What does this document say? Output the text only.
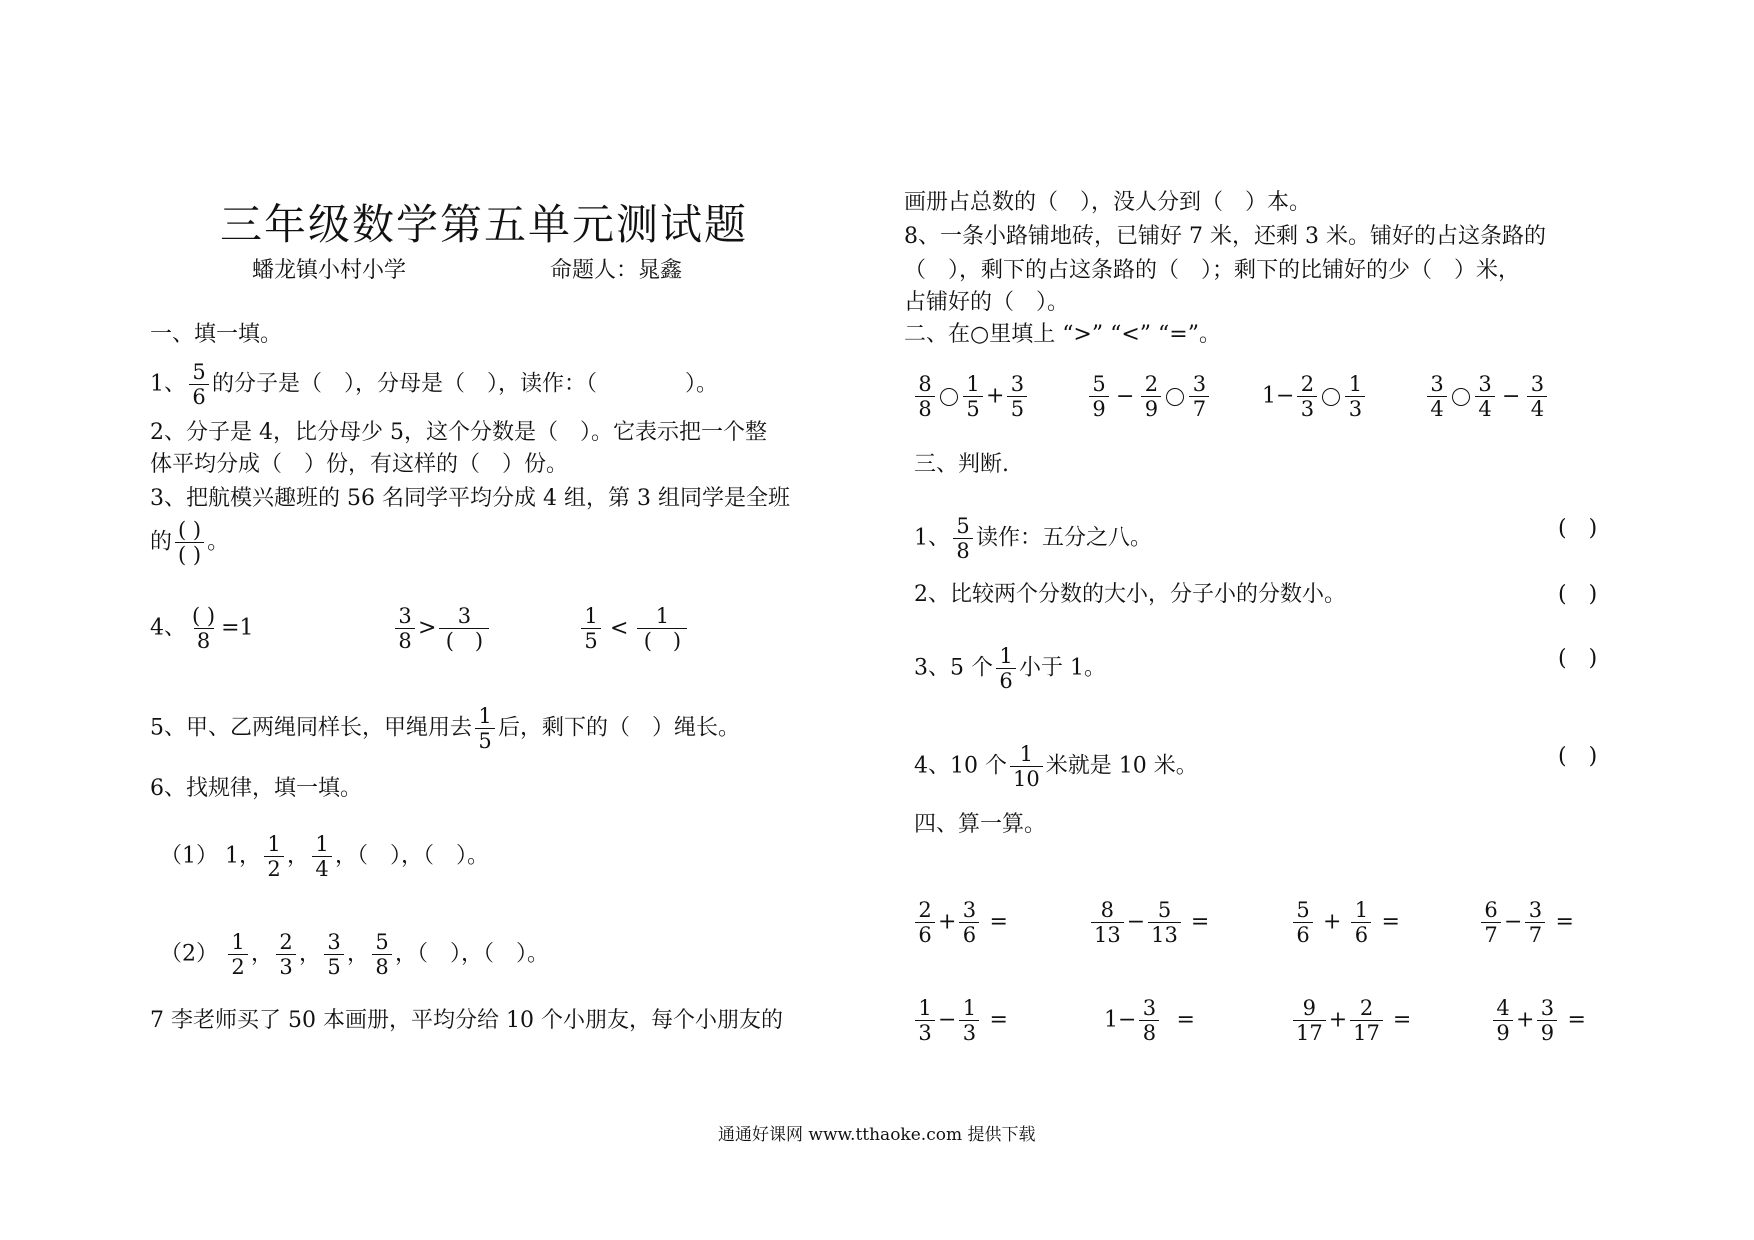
三年级数学第五单元测试题
蟠龙镇小村小学	命题人：晁鑫
一、填一填。
1、 $\frac{5}{6}$ 的分子是（　），分母是（　），读作：（　　　　）。
2、分子是 4，比分母少 5，这个分数是（　）。它表示把一个整
体平均分成（　）份，有这样的（　）份。
3、把航模兴趣班的 56 名同学平均分成 4 组，第 3 组同学是全班
的 $\frac{( )}{( )}$ 。
4、 $\frac{( )}{8} =1$	$\frac{3}{8} > \frac{3}{( )}$	$\frac{1}{5} < \frac{1}{( )}$
5、甲、乙两绳同样长，甲绳用去 $\frac{1}{5}$ 后，剩下的（　）绳长。
6、找规律，填一填。
（1） 1， $\frac{1}{2}$ ， $\frac{1}{4}$ ，（　），（　）。
$(2) \frac{1}{2}$ ， $\frac{2}{3}$ ， $\frac{3}{5}$ ， $\frac{5}{8}$ ，（　），（　）。
7 李老师买了 50 本画册，平均分给 10 个小朋友，每个小朋友的
画册占总数的（　），没人分到（　）本。
8、一条小路铺地砖，已铺好 7 米，还剩 3 米。铺好的占这条路的
（　），剩下的占这条路的（　）；剩下的比铺好的少（　）米，
占铺好的（　）。
二、在○里填上 “>” “<” “=”。
$\frac{8}{8} \frac{1}{5} + \frac{3}{5}$	$\frac{5}{9} - \frac{2}{9} \frac{3}{7} 1- \frac{2}{3} \frac{1}{3}$	$\frac{3}{4} \frac{3}{4} - \frac{3}{4}$
三、判断.
1、 $\frac{5}{8}$ 读作：五分之八。	(　)
2、比较两个分数的大小，分子小的分数小。	(　)
3、5 个 $\frac{1}{6}$ 小于 1。	(　)
4、10 个 $\frac{1}{10}$ 米就是 10 米。	(　)
四、算一算。
$\frac{2}{6} + \frac{3}{6}$ =	$\frac{8}{13} - \frac{5}{13}$ =	$\frac{5}{6} + \frac{1}{6}$ =	$\frac{6}{7} - \frac{3}{7}$ =
$\frac{1}{3} - \frac{1}{3}$ =	$1- \frac{3}{8}$ =	$\frac{9}{17} + \frac{2}{17}$ =	$\frac{4}{9} + \frac{3}{9}$ =
通通好课网 www.tthaoke.com 提供下载
